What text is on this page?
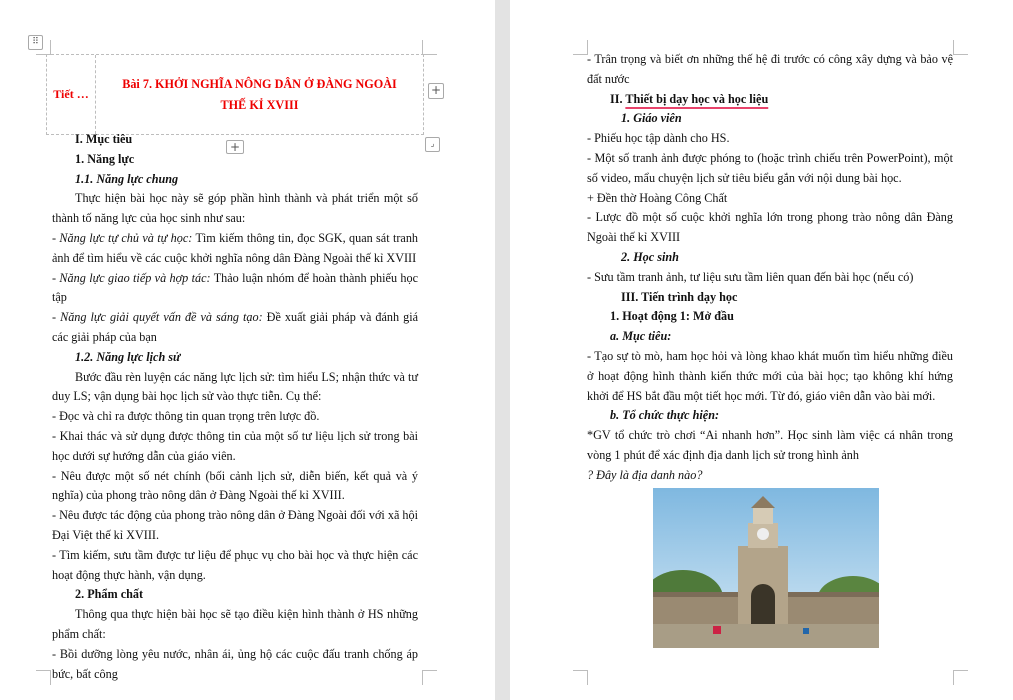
⠿
Tiết …
Bài 7. KHỞI NGHĨA NÔNG DÂN Ở ĐÀNG NGOÀI THẾ KỈ XVIII
+
+	⌟

I. Mục tiêu

1. Năng lực

1.1. Năng lực chung

Thực hiện bài học này sẽ góp phần hình thành và phát triển một số thành tố năng lực của học sinh như sau:

- Năng lực tự chủ và tự học: Tìm kiếm thông tin, đọc SGK, quan sát tranh ảnh để tìm hiểu về các cuộc khởi nghĩa nông dân Đàng Ngoài thế kỉ XVIII

- Năng lực giao tiếp và hợp tác: Thảo luận nhóm để hoàn thành phiếu học tập

- Năng lực giải quyết vấn đề và sáng tạo: Đề xuất giải pháp và đánh giá các giải pháp của bạn

1.2. Năng lực lịch sử

Bước đầu rèn luyện các năng lực lịch sử: tìm hiểu LS; nhận thức và tư duy LS; vận dụng bài học lịch sử vào thực tiễn. Cụ thể:

- Đọc và chỉ ra được thông tin quan trọng trên lược đồ.

- Khai thác và sử dụng được thông tin của một số tư liệu lịch sử trong bài học dưới sự hướng dẫn của giáo viên.

- Nêu được một số nét chính (bối cảnh lịch sử, diễn biến, kết quả và ý nghĩa) của phong trào nông dân ở Đàng Ngoài thế kỉ XVIII.

- Nêu được tác động của phong trào nông dân ở Đàng Ngoài đối với xã hội Đại Việt thế kỉ XVIII.

- Tìm kiếm, sưu tầm được tư liệu để phục vụ cho bài học và thực hiện các hoạt động thực hành, vận dụng.

2. Phẩm chất

Thông qua thực hiện bài học sẽ tạo điều kiện hình thành ở HS những phẩm chất:

- Bồi dưỡng lòng yêu nước, nhân ái, ủng hộ các cuộc đấu tranh chống áp bức, bất công

- Trân trọng và biết ơn những thế hệ đi trước có công xây dựng và bảo vệ đất nước

II. Thiết bị dạy học và học liệu

1. Giáo viên

- Phiếu học tập dành cho HS.

- Một số tranh ảnh được phóng to (hoặc trình chiếu trên PowerPoint), một số video, mẩu chuyện lịch sử tiêu biểu gắn với nội dung bài học.

+ Đền thờ Hoàng Công Chất

- Lược đồ một số cuộc khởi nghĩa lớn trong phong trào nông dân Đàng Ngoài thế kỉ XVIII

2. Học sinh

- Sưu tầm tranh ảnh, tư liệu sưu tầm liên quan đến bài học (nếu có)

III. Tiến trình dạy học

1. Hoạt động 1: Mở đầu

a. Mục tiêu:

- Tạo sự tò mò, ham học hỏi và lòng khao khát muốn tìm hiểu những điều ở hoạt động hình thành kiến thức mới của bài học; tạo không khí hứng khởi để HS bắt đầu một tiết học mới. Từ đó, giáo viên dẫn vào bài mới.

b. Tổ chức thực hiện:

*GV tổ chức trò chơi “Ai nhanh hơn”. Học sinh làm việc cá nhân trong vòng 1 phút để xác định địa danh lịch sử trong hình ảnh

? Đây là địa danh nào?
